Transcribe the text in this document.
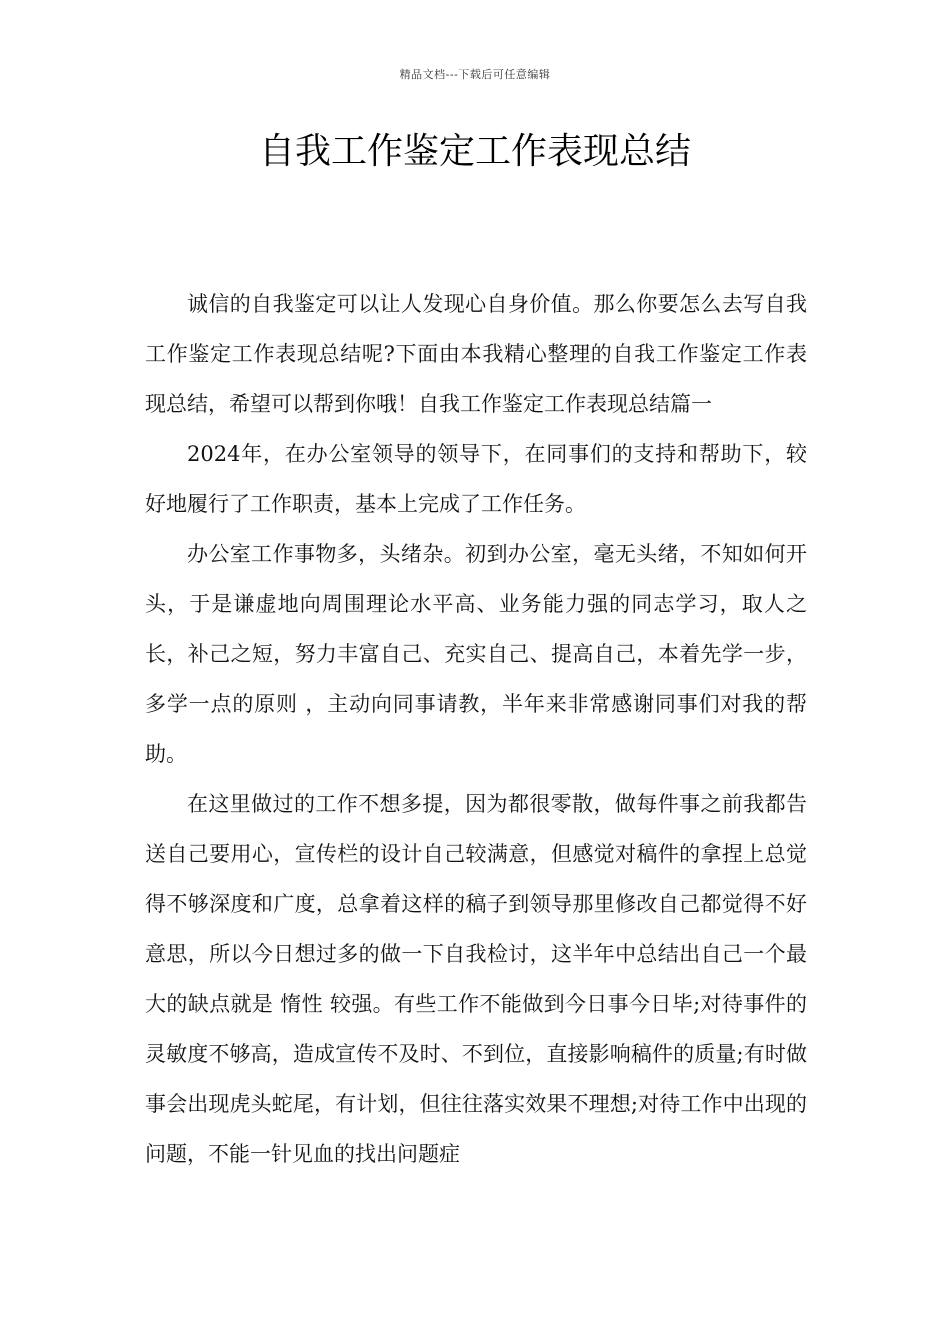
精品文档---下载后可任意编辑
自我工作鉴定工作表现总结

诚信的自我鉴定可以让人发现心自身价值。那么你要怎么去写自我工作鉴定工作表现总结呢?下面由本我精心整理的自我工作鉴定工作表现总结，希望可以帮到你哦！自我工作鉴定工作表现总结篇一

2024年，在办公室领导的领导下，在同事们的支持和帮助下，较好地履行了工作职责，基本上完成了工作任务。

办公室工作事物多，头绪杂。初到办公室，毫无头绪，不知如何开头，于是谦虚地向周围理论水平高、业务能力强的同志学习，取人之长，补己之短，努力丰富自己、充实自己、提高自己，本着先学一步，多学一点的原则 ，主动向同事请教，半年来非常感谢同事们对我的帮助。

在这里做过的工作不想多提，因为都很零散，做每件事之前我都告送自己要用心，宣传栏的设计自己较满意，但感觉对稿件的拿捏上总觉得不够深度和广度，总拿着这样的稿子到领导那里修改自己都觉得不好意思，所以今日想过多的做一下自我检讨，这半年中总结出自己一个最大的缺点就是 惰性 较强。有些工作不能做到今日事今日毕;对待事件的灵敏度不够高，造成宣传不及时、不到位，直接影响稿件的质量;有时做事会出现虎头蛇尾，有计划，但往往落实效果不理想;对待工作中出现的问题，不能一针见血的找出问题症
